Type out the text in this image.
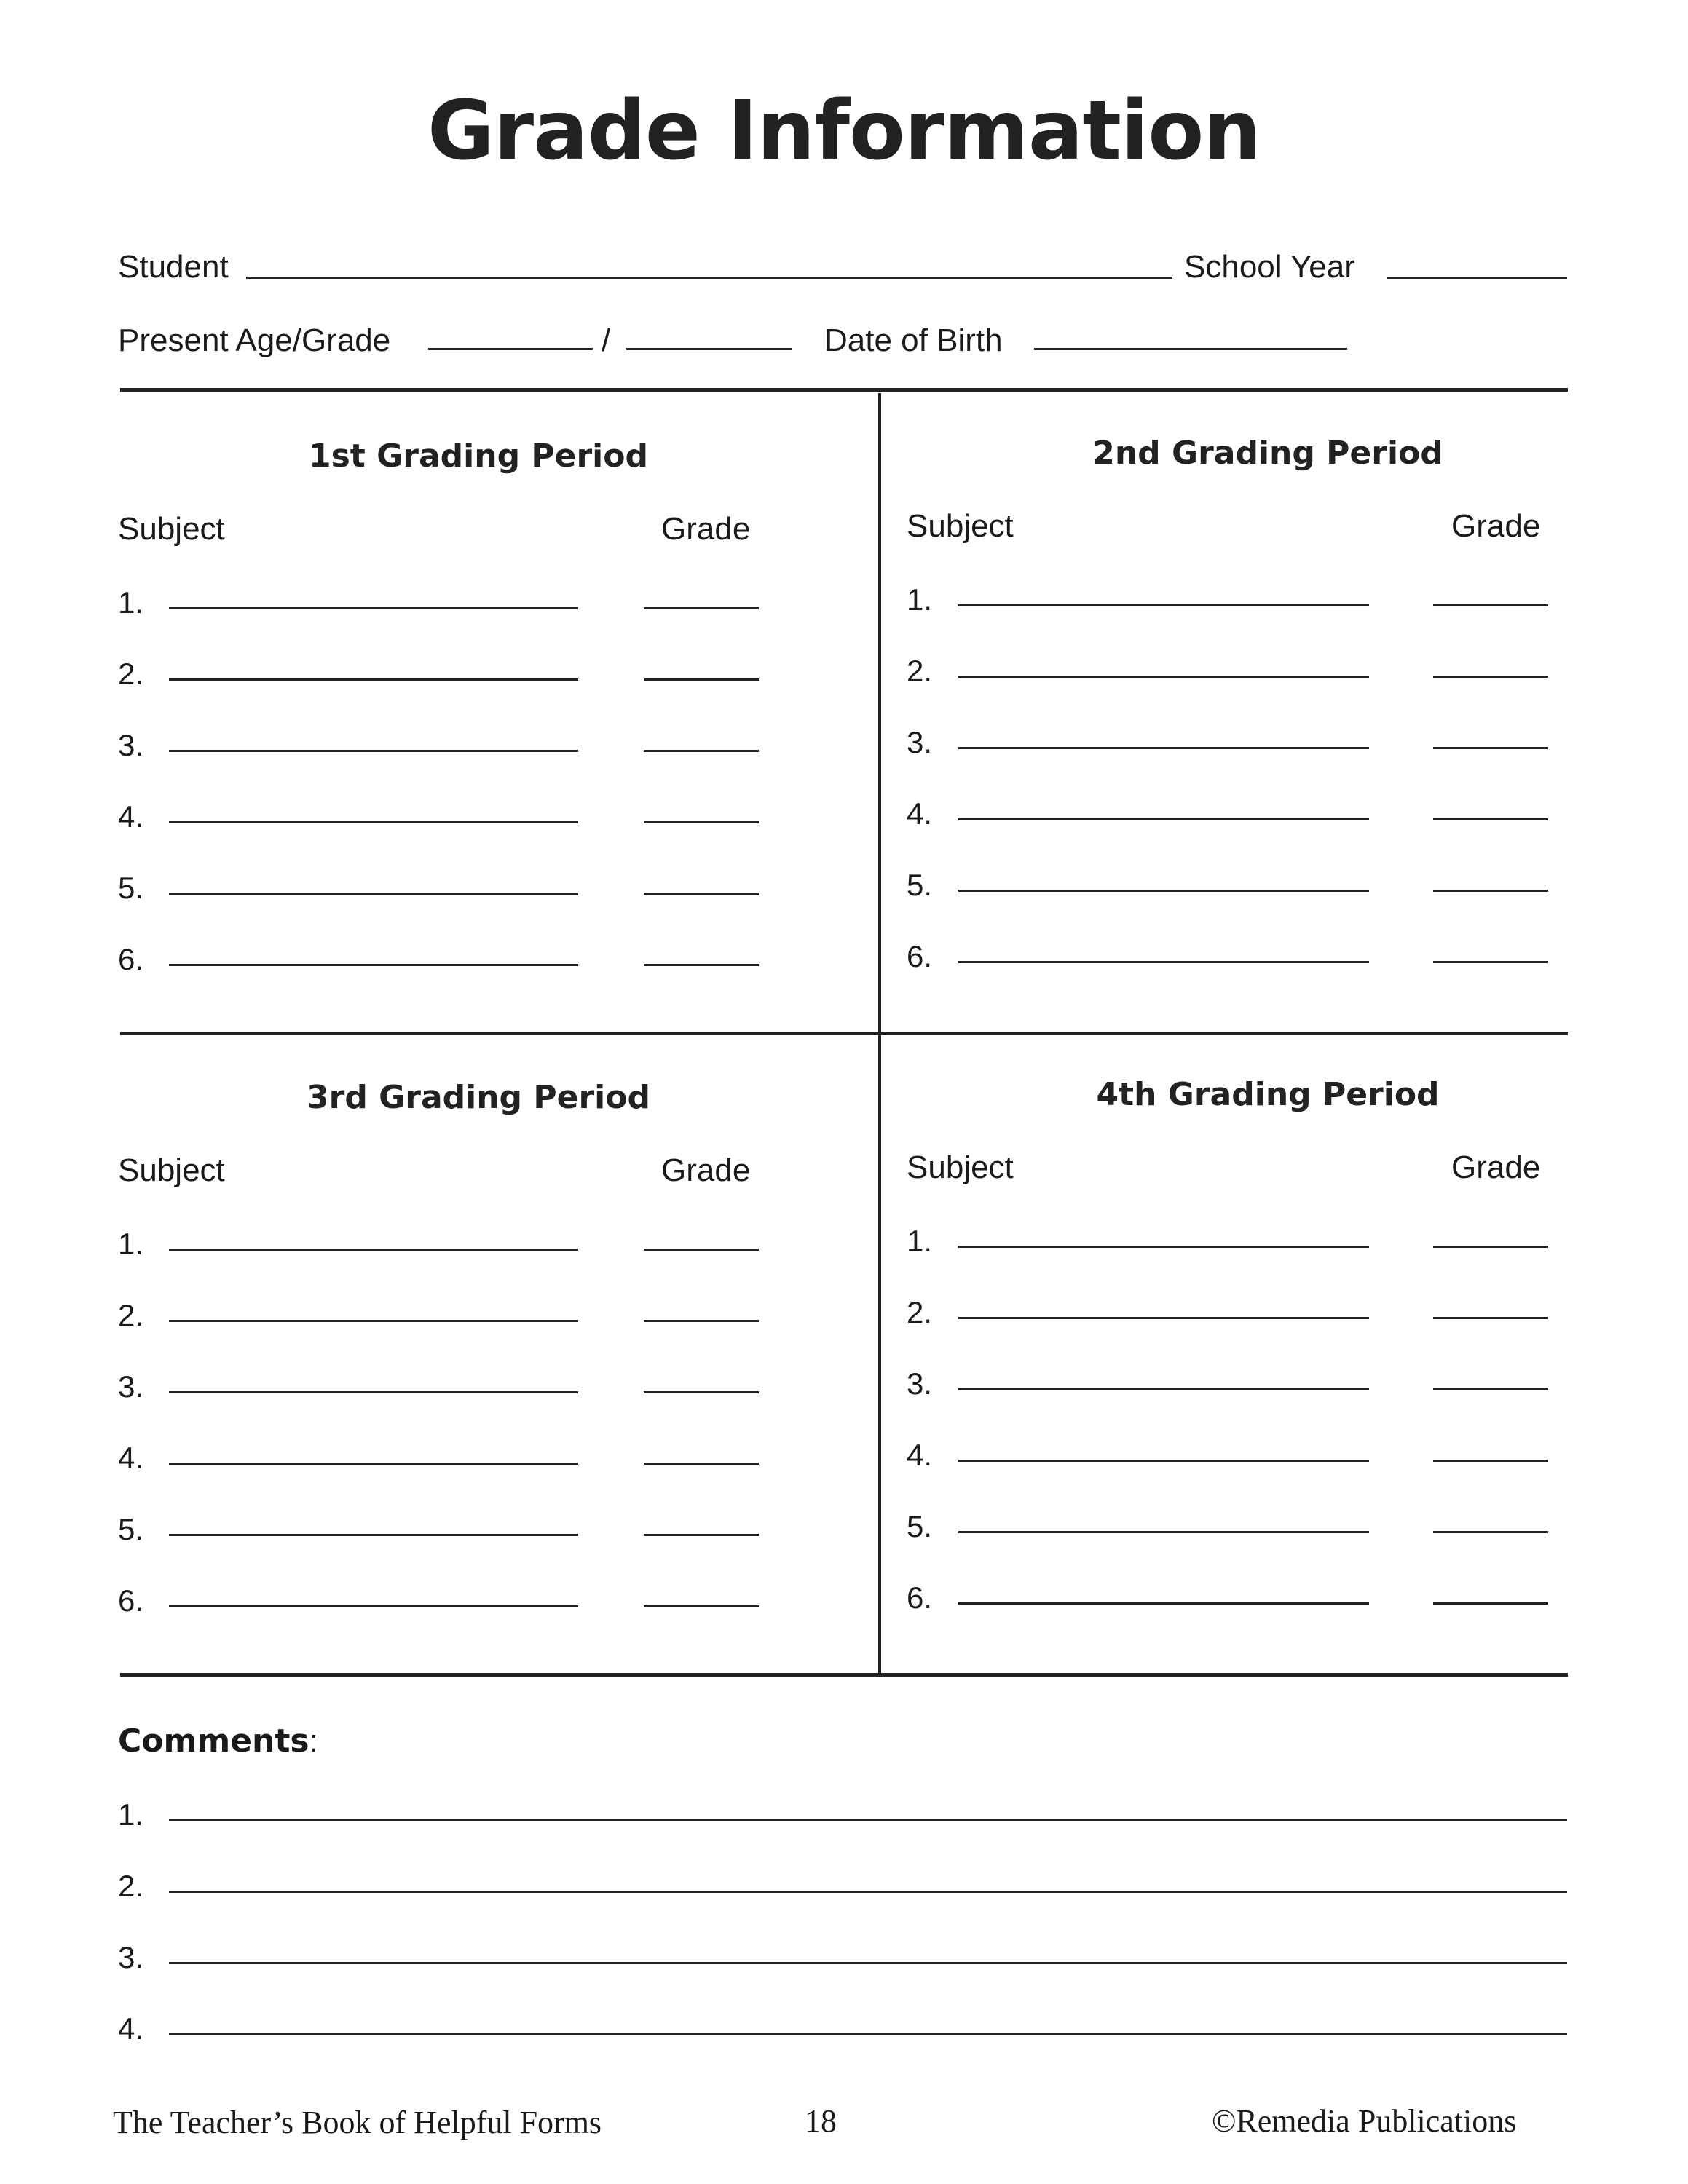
Grade Information
Student	School Year
Present Age/Grade	/	Date of Birth
1st Grading Period
Subject	Grade
1.
2.
3.
4.
5.
6.
2nd Grading Period
Subject	Grade
1.
2.
3.
4.
5.
6.
3rd Grading Period
Subject	Grade
1.
2.
3.
4.
5.
6.
4th Grading Period
Subject	Grade
1.
2.
3.
4.
5.
6.
Comments:
1.
2.
3.
4.
The Teacher’s Book of Helpful Forms	18	©Remedia Publications
